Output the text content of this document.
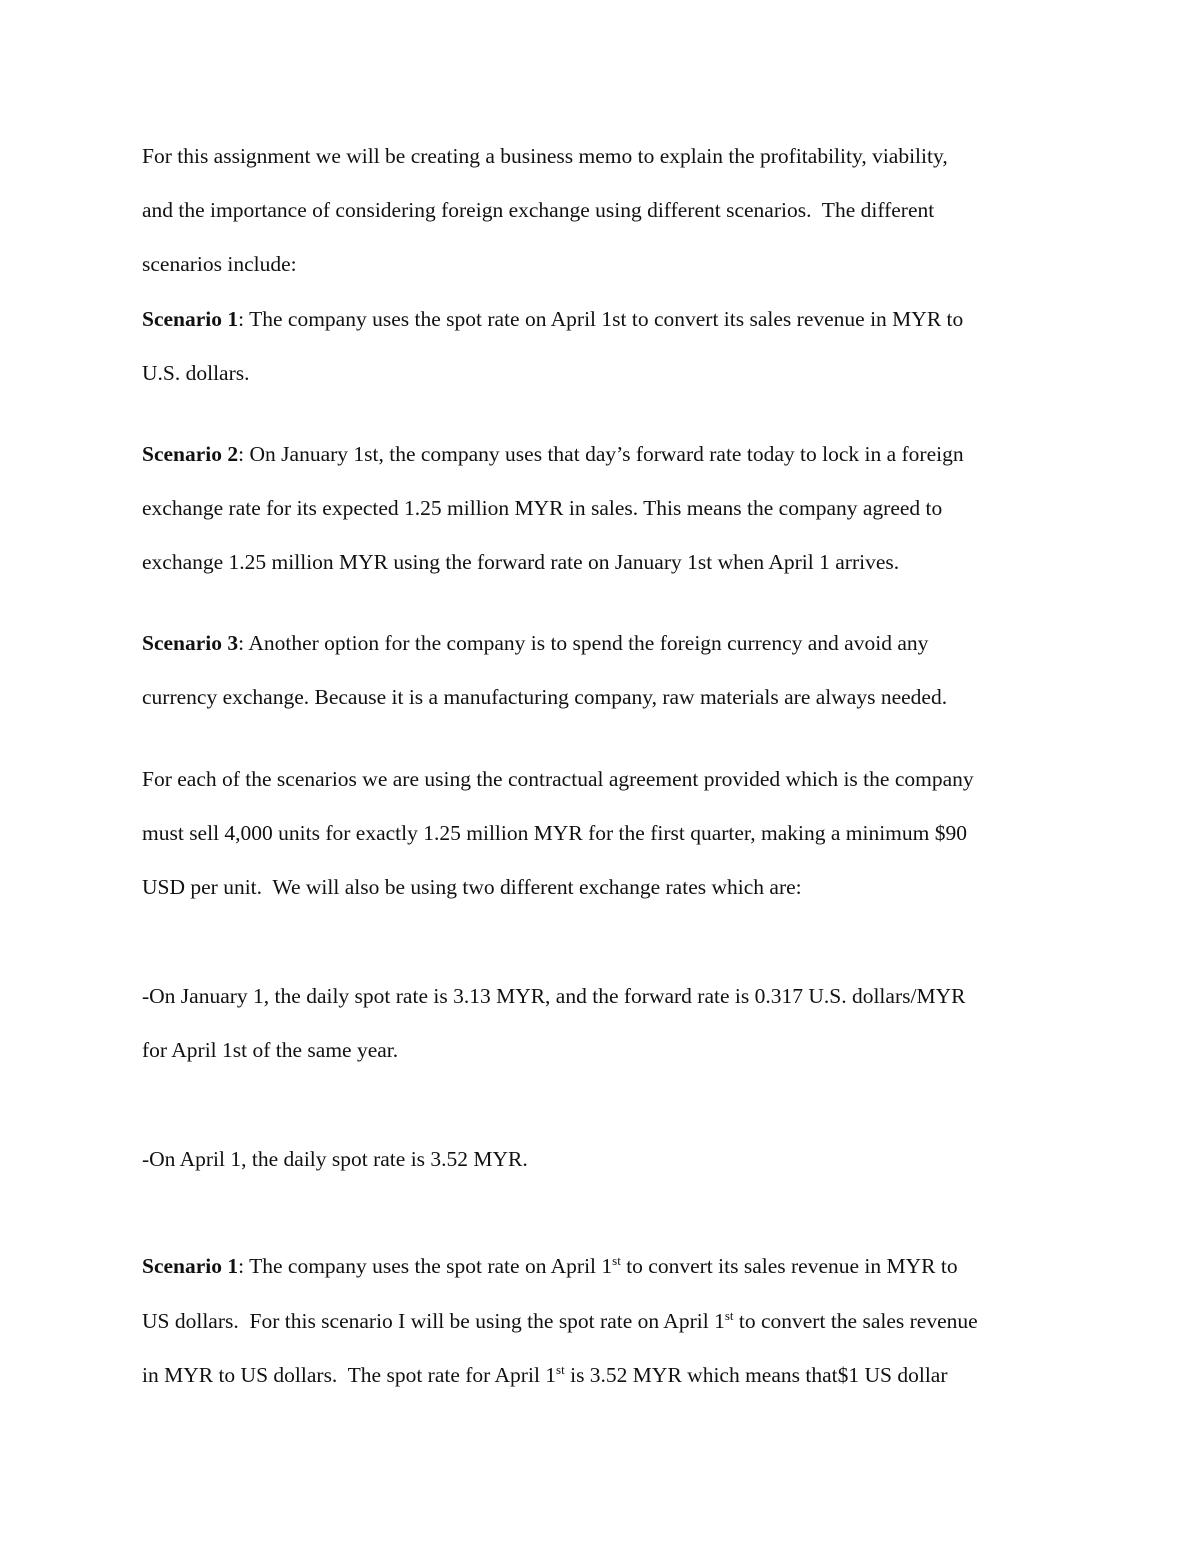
For this assignment we will be creating a business memo to explain the profitability, viability,

and the importance of considering foreign exchange using different scenarios.  The different

scenarios include:

Scenario 1: The company uses the spot rate on April 1st to convert its sales revenue in MYR to

U.S. dollars.

Scenario 2: On January 1st, the company uses that day’s forward rate today to lock in a foreign

exchange rate for its expected 1.25 million MYR in sales. This means the company agreed to

exchange 1.25 million MYR using the forward rate on January 1st when April 1 arrives.

Scenario 3: Another option for the company is to spend the foreign currency and avoid any

currency exchange. Because it is a manufacturing company, raw materials are always needed.

For each of the scenarios we are using the contractual agreement provided which is the company

must sell 4,000 units for exactly 1.25 million MYR for the first quarter, making a minimum $90

USD per unit.  We will also be using two different exchange rates which are:

-On January 1, the daily spot rate is 3.13 MYR, and the forward rate is 0.317 U.S. dollars/MYR

for April 1st of the same year.

-On April 1, the daily spot rate is 3.52 MYR.

Scenario 1: The company uses the spot rate on April 1st to convert its sales revenue in MYR to

US dollars.  For this scenario I will be using the spot rate on April 1st to convert the sales revenue

in MYR to US dollars.  The spot rate for April 1st is 3.52 MYR which means that$1 US dollar
